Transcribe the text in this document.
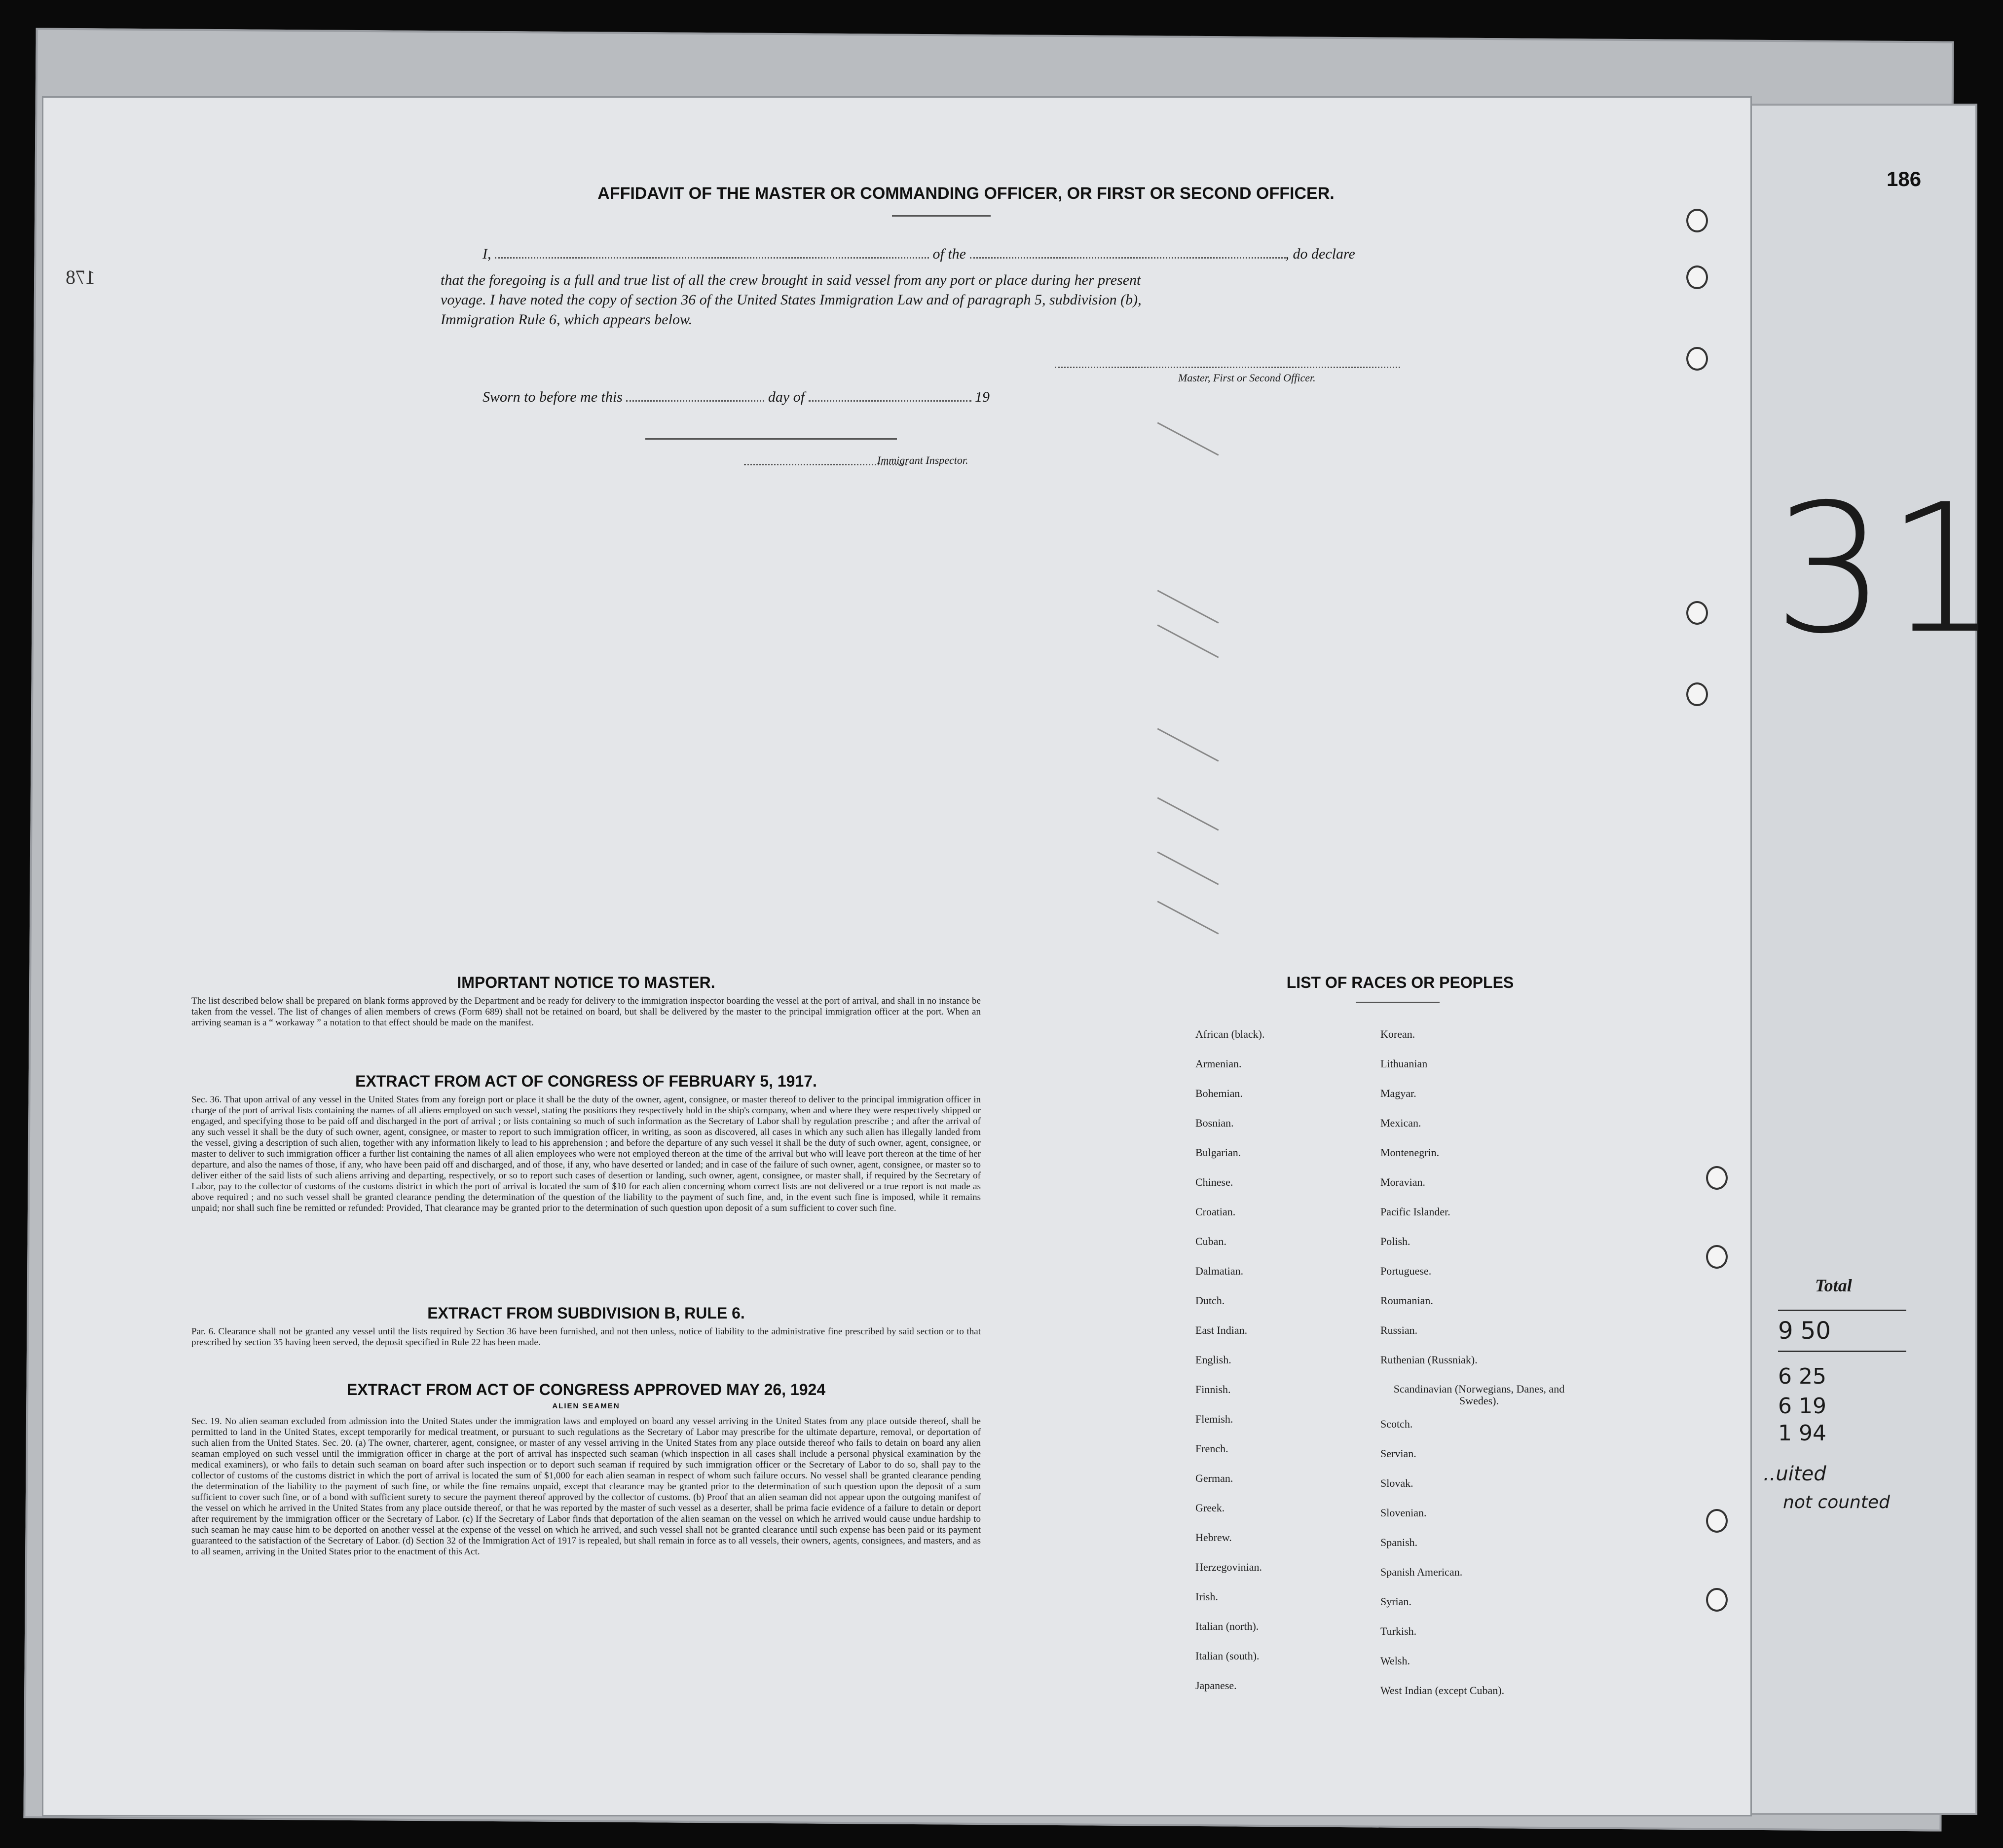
186
31
Total
9 50
6 25
6 19
1 94
..uited
not counted
178
AFFIDAVIT OF THE MASTER OR COMMANDING OFFICER, OR FIRST OR SECOND OFFICER.
I,	of the	, do declare
that the foregoing is a full and true list of all the crew brought in said vessel from any port or place during her present
voyage. I have noted the copy of section 36 of the United States Immigration Law and of paragraph 5, subdivision (b),
Immigration Rule 6, which appears below.
Master, First or Second Officer.
Sworn to before me this	day of	19
Immigrant Inspector.
IMPORTANT NOTICE TO MASTER.
The list described below shall be prepared on blank forms approved by the Department and be ready for delivery to the immigration inspector boarding the vessel at the port of arrival, and shall in no instance be taken from the vessel. The list of changes of alien members of crews (Form 689) shall not be retained on board, but shall be delivered by the master to the principal immigration officer at the port. When an arriving seaman is a “ workaway ” a notation to that effect should be made on the manifest.
EXTRACT FROM ACT OF CONGRESS OF FEBRUARY 5, 1917.
Sec. 36. That upon arrival of any vessel in the United States from any foreign port or place it shall be the duty of the owner, agent, consignee, or master thereof to deliver to the principal immigration officer in charge of the port of arrival lists containing the names of all aliens employed on such vessel, stating the positions they respectively hold in the ship's company, when and where they were respectively shipped or engaged, and specifying those to be paid off and discharged in the port of arrival ; or lists containing so much of such information as the Secretary of Labor shall by regulation prescribe ; and after the arrival of any such vessel it shall be the duty of such owner, agent, consignee, or master to report to such immigration officer, in writing, as soon as discovered, all cases in which any such alien has illegally landed from the vessel, giving a description of such alien, together with any information likely to lead to his apprehension ; and before the departure of any such vessel it shall be the duty of such owner, agent, consignee, or master to deliver to such immigration officer a further list containing the names of all alien employees who were not employed thereon at the time of the arrival but who will leave port thereon at the time of her departure, and also the names of those, if any, who have been paid off and discharged, and of those, if any, who have deserted or landed; and in case of the failure of such owner, agent, consignee, or master so to deliver either of the said lists of such aliens arriving and departing, respectively, or so to report such cases of desertion or landing, such owner, agent, consignee, or master shall, if required by the Secretary of Labor, pay to the collector of customs of the customs district in which the port of arrival is located the sum of $10 for each alien concerning whom correct lists are not delivered or a true report is not made as above required ; and no such vessel shall be granted clearance pending the determination of the question of the liability to the payment of such fine, and, in the event such fine is imposed, while it remains unpaid; nor shall such fine be remitted or refunded: Provided, That clearance may be granted prior to the determination of such question upon deposit of a sum sufficient to cover such fine.
EXTRACT FROM SUBDIVISION B, RULE 6.
Par. 6. Clearance shall not be granted any vessel until the lists required by Section 36 have been furnished, and not then unless, notice of liability to the administrative fine prescribed by said section or to that prescribed by section 35 having been served, the deposit specified in Rule 22 has been made.
EXTRACT FROM ACT OF CONGRESS APPROVED MAY 26, 1924
ALIEN SEAMEN
Sec. 19. No alien seaman excluded from admission into the United States under the immigration laws and employed on board any vessel arriving in the United States from any place outside thereof, shall be permitted to land in the United States, except temporarily for medical treatment, or pursuant to such regulations as the Secretary of Labor may prescribe for the ultimate departure, removal, or deportation of such alien from the United States. Sec. 20. (a) The owner, charterer, agent, consignee, or master of any vessel arriving in the United States from any place outside thereof who fails to detain on board any alien seaman employed on such vessel until the immigration officer in charge at the port of arrival has inspected such seaman (which inspection in all cases shall include a personal physical examination by the medical examiners), or who fails to detain such seaman on board after such inspection or to deport such seaman if required by such immigration officer or the Secretary of Labor to do so, shall pay to the collector of customs of the customs district in which the port of arrival is located the sum of $1,000 for each alien seaman in respect of whom such failure occurs. No vessel shall be granted clearance pending the determination of the liability to the payment of such fine, or while the fine remains unpaid, except that clearance may be granted prior to the determination of such question upon the deposit of a sum sufficient to cover such fine, or of a bond with sufficient surety to secure the payment thereof approved by the collector of customs. (b) Proof that an alien seaman did not appear upon the outgoing manifest of the vessel on which he arrived in the United States from any place outside thereof, or that he was reported by the master of such vessel as a deserter, shall be prima facie evidence of a failure to detain or deport after requirement by the immigration officer or the Secretary of Labor. (c) If the Secretary of Labor finds that deportation of the alien seaman on the vessel on which he arrived would cause undue hardship to such seaman he may cause him to be deported on another vessel at the expense of the vessel on which he arrived, and such vessel shall not be granted clearance until such expense has been paid or its payment guaranteed to the satisfaction of the Secretary of Labor. (d) Section 32 of the Immigration Act of 1917 is repealed, but shall remain in force as to all vessels, their owners, agents, consignees, and masters, and as to all seamen, arriving in the United States prior to the enactment of this Act.
LIST OF RACES OR PEOPLES
African (black).
Armenian.
Bohemian.
Bosnian.
Bulgarian.
Chinese.
Croatian.
Cuban.
Dalmatian.
Dutch.
East Indian.
English.
Finnish.
Flemish.
French.
German.
Greek.
Hebrew.
Herzegovinian.
Irish.
Italian (north).
Italian (south).
Japanese.
Korean.
Lithuanian
Magyar.
Mexican.
Montenegrin.
Moravian.
Pacific Islander.
Polish.
Portuguese.
Roumanian.
Russian.
Ruthenian (Russniak).
Scandinavian (Norwegians, Danes, and Swedes).
Scotch.
Servian.
Slovak.
Slovenian.
Spanish.
Spanish American.
Syrian.
Turkish.
Welsh.
West Indian (except Cuban).
